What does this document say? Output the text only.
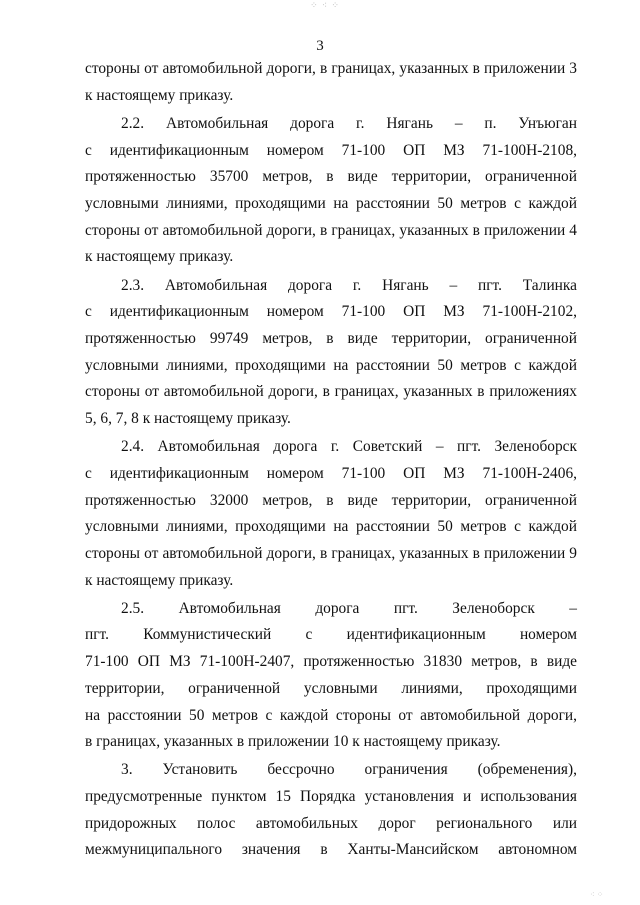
⁘ ⁖ ⁘
3
стороны от автомобильной дороги, в границах, указанных в приложении 3
к настоящему приказу.
2.2. Автомобильная дорога г. Нягань – п. Унъюган
с идентификационным номером 71-100 ОП МЗ 71-100Н-2108,
протяженностью 35700 метров, в виде территории, ограниченной
условными линиями, проходящими на расстоянии 50 метров с каждой
стороны от автомобильной дороги, в границах, указанных в приложении 4
к настоящему приказу.
2.3. Автомобильная дорога г. Нягань – пгт. Талинка
с идентификационным номером 71-100 ОП МЗ 71-100Н-2102,
протяженностью 99749 метров, в виде территории, ограниченной
условными линиями, проходящими на расстоянии 50 метров с каждой
стороны от автомобильной дороги, в границах, указанных в приложениях
5, 6, 7, 8 к настоящему приказу.
2.4. Автомобильная дорога г. Советский – пгт. Зеленоборск
с идентификационным номером 71-100 ОП МЗ 71-100Н-2406,
протяженностью 32000 метров, в виде территории, ограниченной
условными линиями, проходящими на расстоянии 50 метров с каждой
стороны от автомобильной дороги, в границах, указанных в приложении 9
к настоящему приказу.
2.5. Автомобильная дорога пгт. Зеленоборск –
пгт. Коммунистический с идентификационным номером
71-100 ОП МЗ 71-100Н-2407, протяженностью 31830 метров, в виде
территории, ограниченной условными линиями, проходящими
на расстоянии 50 метров с каждой стороны от автомобильной дороги,
в границах, указанных в приложении 10 к настоящему приказу.
3. Установить бессрочно ограничения (обременения),
предусмотренные пунктом 15 Порядка установления и использования
придорожных полос автомобильных дорог регионального или
межмуниципального значения в Ханты-Мансийском автономном
⁖ ⁘
